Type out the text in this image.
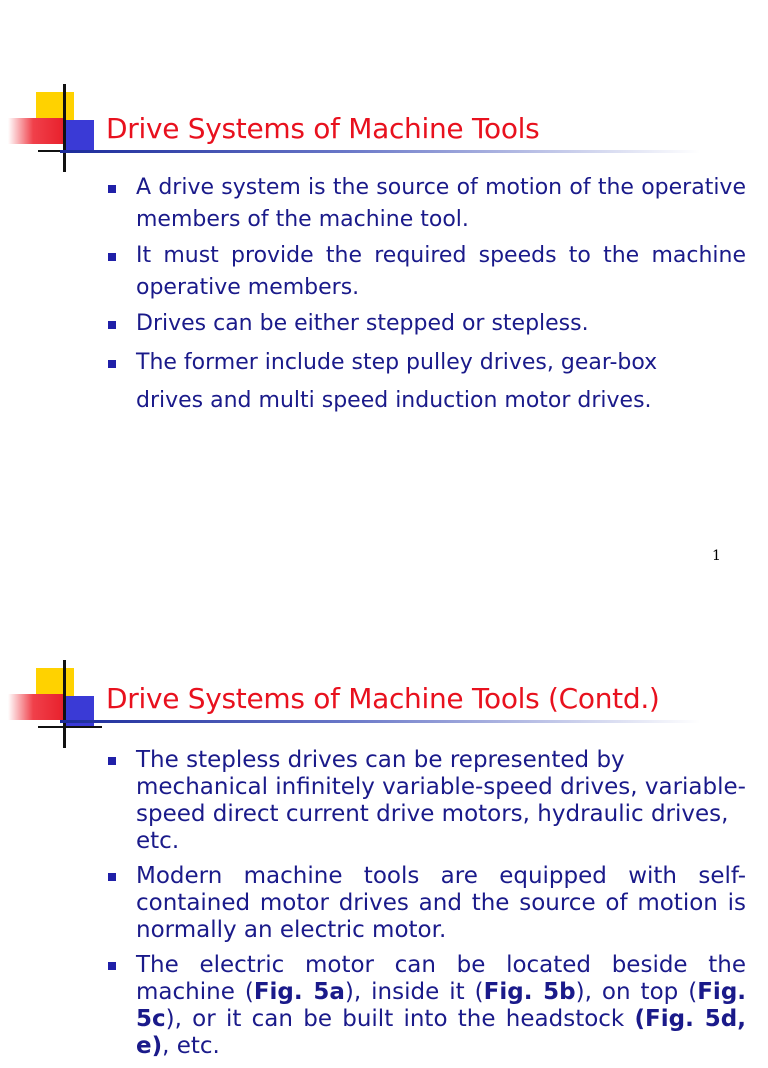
Drive Systems of Machine Tools
A drive system is the source of motion of the operative members of the machine tool.
It must provide the required speeds to the machine operative members.
Drives can be either stepped or stepless.
The former include step pulley drives, gear-box drives and multi speed induction motor drives.
1
Drive Systems of Machine Tools (Contd.)
The stepless drives can be represented by mechanical infinitely variable-speed drives, variable-speed direct current drive motors, hydraulic drives, etc.
Modern machine tools are equipped with self-contained motor drives and the source of motion is normally an electric motor.
The electric motor can be located beside the machine (Fig. 5a), inside it (Fig. 5b), on top (Fig. 5c), or it can be built into the headstock (Fig. 5d, e), etc.
